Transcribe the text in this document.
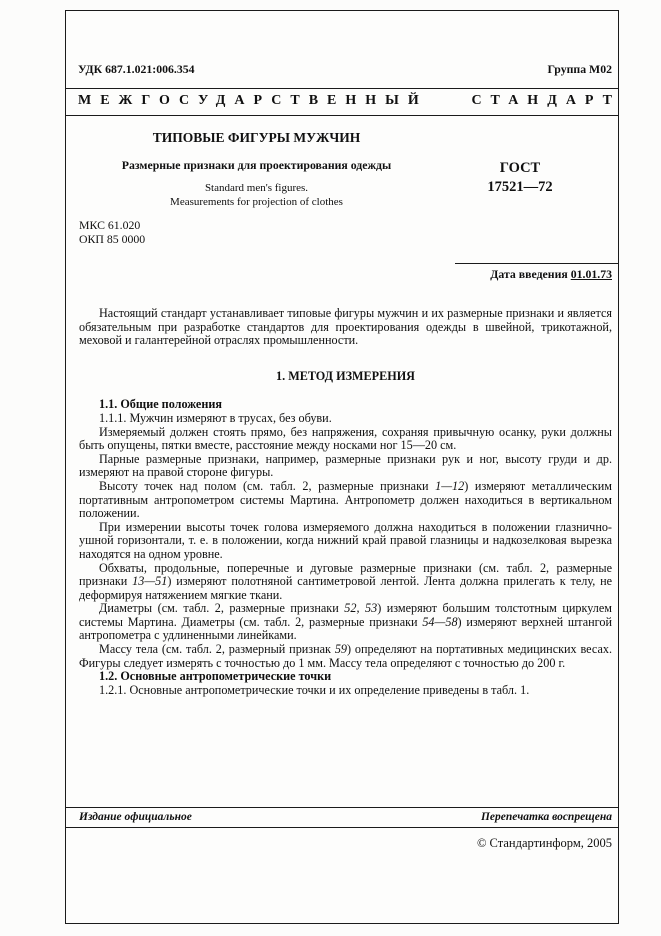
УДК 687.1.021:006.354	Группа М02
МЕЖГОСУДАРСТВЕННЫЙ	СТАНДАРТ
ТИПОВЫЕ ФИГУРЫ МУЖЧИН
Размерные признаки для проектирования одежды
Standard men's figures.
Measurements for projection of clothes
ГОСТ
17521—72
МКС 61.020
ОКП 85 0000
Дата введения 01.01.73

Настоящий стандарт устанавливает типовые фигуры мужчин и их размерные признаки и является обязательным при разработке стандартов для проектирования одежды в швейной, трикотажной, меховой и галантерейной отраслях промышленности.

1. МЕТОД ИЗМЕРЕНИЯ

1.1. Общие положения

1.1.1. Мужчин измеряют в трусах, без обуви.

Измеряемый должен стоять прямо, без напряжения, сохраняя привычную осанку, руки должны быть опущены, пятки вместе, расстояние между носками ног 15—20 см.

Парные размерные признаки, например, размерные признаки рук и ног, высоту груди и др. измеряют на правой стороне фигуры.

Высоту точек над полом (см. табл. 2, размерные признаки 1—12) измеряют металлическим портативным антропометром системы Мартина. Антропометр должен находиться в вертикальном положении.

При измерении высоты точек голова измеряемого должна находиться в положении глазнично-ушной горизонтали, т. е. в положении, когда нижний край правой глазницы и надкозелковая вырезка находятся на одном уровне.

Обхваты, продольные, поперечные и дуговые размерные признаки (см. табл. 2, размерные признаки 13—51) измеряют полотняной сантиметровой лентой. Лента должна прилегать к телу, не деформируя натяжением мягкие ткани.

Диаметры (см. табл. 2, размерные признаки 52, 53) измеряют большим толстотным циркулем системы Мартина. Диаметры (см. табл. 2, размерные признаки 54—58) измеряют верхней штангой антропометра с удлиненными линейками.

Массу тела (см. табл. 2, размерный признак 59) определяют на портативных медицинских весах. Фигуры следует измерять с точностью до 1 мм. Массу тела определяют с точностью до 200 г.

1.2. Основные антропометрические точки

1.2.1. Основные антропометрические точки и их определение приведены в табл. 1.

Издание официальное	Перепечатка воспрещена
© Стандартинформ, 2005
